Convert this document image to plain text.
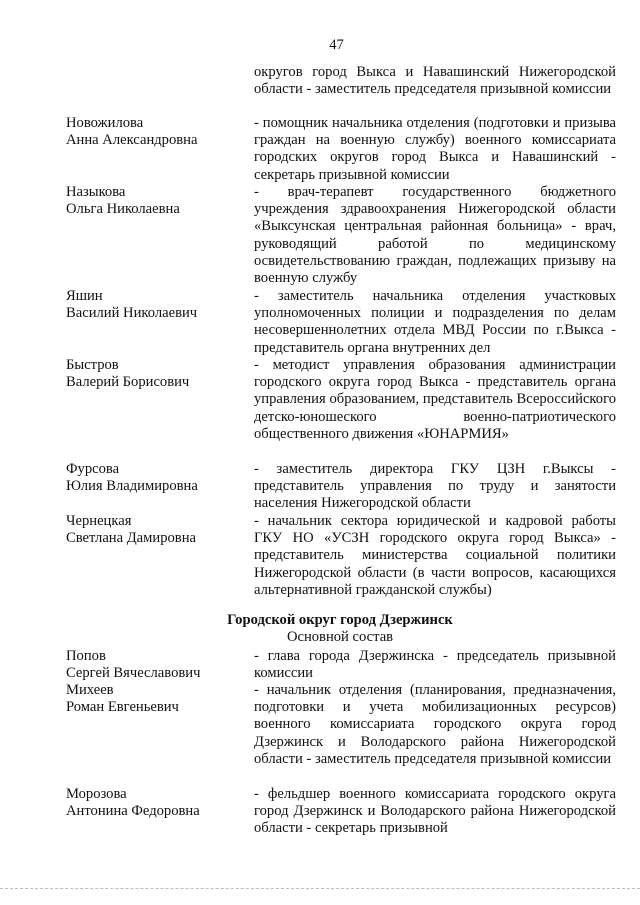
47
округов город Выкса и Навашинский Нижегородской области - заместитель председателя призывной комиссии
Новожилова
Анна Александровна
- помощник начальника отделения (подготовки и призыва граждан на военную службу) военного комиссариата городских округов город Выкса и Навашинский - секретарь призывной комиссии
Назыкова
Ольга Николаевна
- врач-терапевт государственного бюджетного учреждения здравоохранения Нижегородской области «Выксунская центральная районная больница» - врач, руководящий работой по медицинскому освидетельствованию граждан, подлежащих призыву на военную службу
Яшин
Василий Николаевич
- заместитель начальника отделения участковых уполномоченных полиции и подразделения по делам несовершеннолетних отдела МВД России по г.Выкса - представитель органа внутренних дел
Быстров
Валерий Борисович
- методист управления образования администрации городского округа город Выкса - представитель органа управления образованием, представитель Всероссийского детско-юношеского военно-патриотического общественного движения «ЮНАРМИЯ»
Фурсова
Юлия Владимировна
- заместитель директора ГКУ ЦЗН г.Выксы - представитель управления по труду и занятости населения Нижегородской области
Чернецкая
Светлана Дамировна
- начальник сектора юридической и кадровой работы ГКУ НО «УСЗН городского округа город Выкса» - представитель министерства социальной политики Нижегородской области (в части вопросов, касающихся альтернативной гражданской службы)
Городской округ город Дзержинск
Основной состав
Попов
Сергей Вячеславович
- глава города Дзержинска - председатель призывной комиссии
Михеев
Роман Евгеньевич
- начальник отделения (планирования, предназначения, подготовки и учета мобилизационных ресурсов) военного комиссариата городского округа город Дзержинск и Володарского района Нижегородской области - заместитель председателя призывной комиссии
Морозова
Антонина Федоровна
- фельдшер военного комиссариата городского округа город Дзержинск и Володарского района Нижегородской области - секретарь призывной
